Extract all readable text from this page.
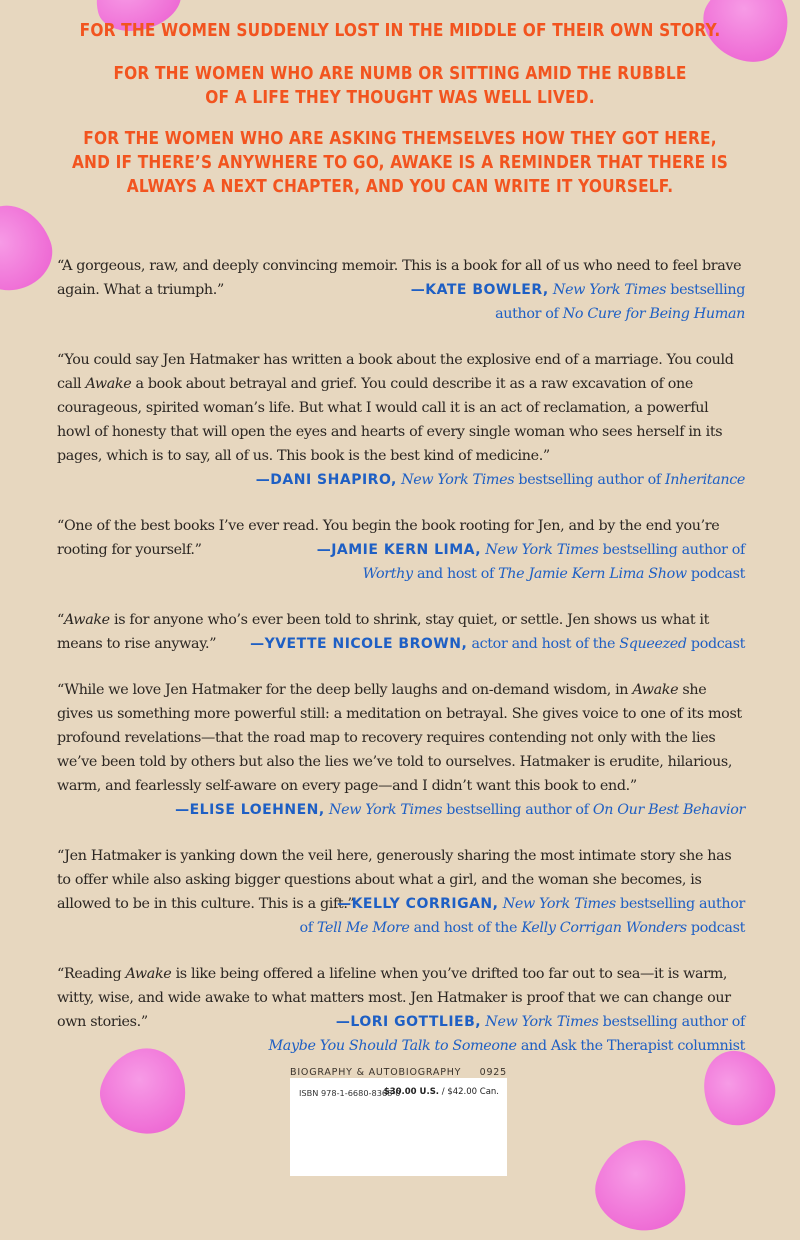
FOR THE WOMEN SUDDENLY LOST IN THE MIDDLE OF THEIR OWN STORY.

FOR THE WOMEN WHO ARE NUMB OR SITTING AMID THE RUBBLE

OF A LIFE THEY THOUGHT WAS WELL LIVED.

FOR THE WOMEN WHO ARE ASKING THEMSELVES HOW THEY GOT HERE,

AND IF THERE’S ANYWHERE TO GO, AWAKE IS A REMINDER THAT THERE IS

ALWAYS A NEXT CHAPTER, AND YOU CAN WRITE IT YOURSELF.

“A gorgeous, raw, and deeply convincing memoir. This is a book for all of us who need to feel brave again. What a triumph.”	—KATE BOWLER, New York Times bestselling

author of No Cure for Being Human

“You could say Jen Hatmaker has written a book about the explosive end of a marriage. You could call Awake a book about betrayal and grief. You could describe it as a raw excavation of one courageous, spirited woman’s life. But what I would call it is an act of reclamation, a powerful howl of honesty that will open the eyes and hearts of every single woman who sees herself in its pages, which is to say, all of us. This book is the best kind of medicine.”

—DANI SHAPIRO, New York Times bestselling author of Inheritance

“One of the best books I’ve ever read. You begin the book rooting for Jen, and by the end you’re rooting for yourself.”	—JAMIE KERN LIMA, New York Times bestselling author of

Worthy and host of The Jamie Kern Lima Show podcast

“Awake is for anyone who’s ever been told to shrink, stay quiet, or settle. Jen shows us what it means to rise anyway.”	—YVETTE NICOLE BROWN, actor and host of the Squeezed podcast

“While we love Jen Hatmaker for the deep belly laughs and on-demand wisdom, in Awake she gives us something more powerful still: a meditation on betrayal. She gives voice to one of its most profound revelations—that the road map to recovery requires contending not only with the lies we’ve been told by others but also the lies we’ve told to ourselves. Hatmaker is erudite, hilarious, warm, and fearlessly self-aware on every page—and I didn’t want this book to end.”

—ELISE LOEHNEN, New York Times bestselling author of On Our Best Behavior

“Jen Hatmaker is yanking down the veil here, generously sharing the most intimate story she has to offer while also asking bigger questions about what a girl, and the woman she becomes, is allowed to be in this culture. This is a gift.”

—KELLY CORRIGAN, New York Times bestselling author

of Tell Me More and host of the Kelly Corrigan Wonders podcast

“Reading Awake is like being offered a lifeline when you’ve drifted too far out to sea—it is warm, witty, wise, and wide awake to what matters most. Jen Hatmaker is proof that we can change our own stories.”	—LORI GOTTLIEB, New York Times bestselling author of

Maybe You Should Talk to Someone and Ask the Therapist columnist

BIOGRAPHY & AUTOBIOGRAPHY 0925
ISBN 978-1-6680-8368-0
$30.00 U.S. / $42.00 Can.
